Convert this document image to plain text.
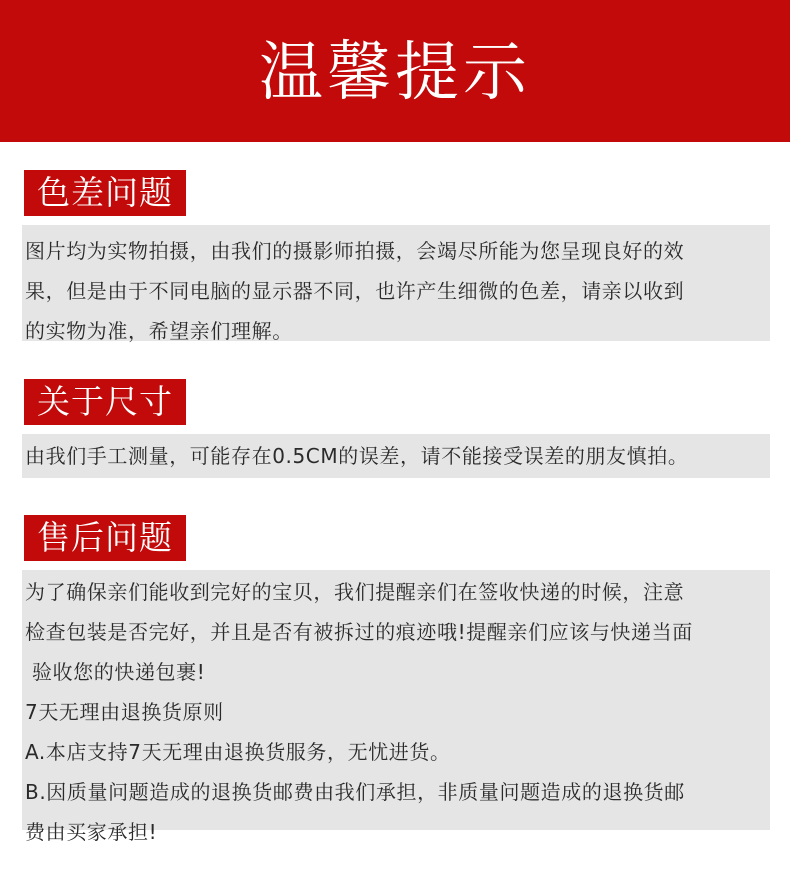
温馨提示
色差问题
图片均为实物拍摄，由我们的摄影师拍摄，会竭尽所能为您呈现良好的效
果，但是由于不同电脑的显示器不同，也许产生细微的色差，请亲以收到
的实物为准，希望亲们理解。
关于尺寸
由我们手工测量，可能存在0.5CM的误差，请不能接受误差的朋友慎拍。
售后问题
为了确保亲们能收到完好的宝贝，我们提醒亲们在签收快递的时候，注意
检查包装是否完好，并且是否有被拆过的痕迹哦!提醒亲们应该与快递当面
验收您的快递包裹!
7天无理由退换货原则
A.本店支持7天无理由退换货服务，无忧进货。
B.因质量问题造成的退换货邮费由我们承担，非质量问题造成的退换货邮
费由买家承担!
